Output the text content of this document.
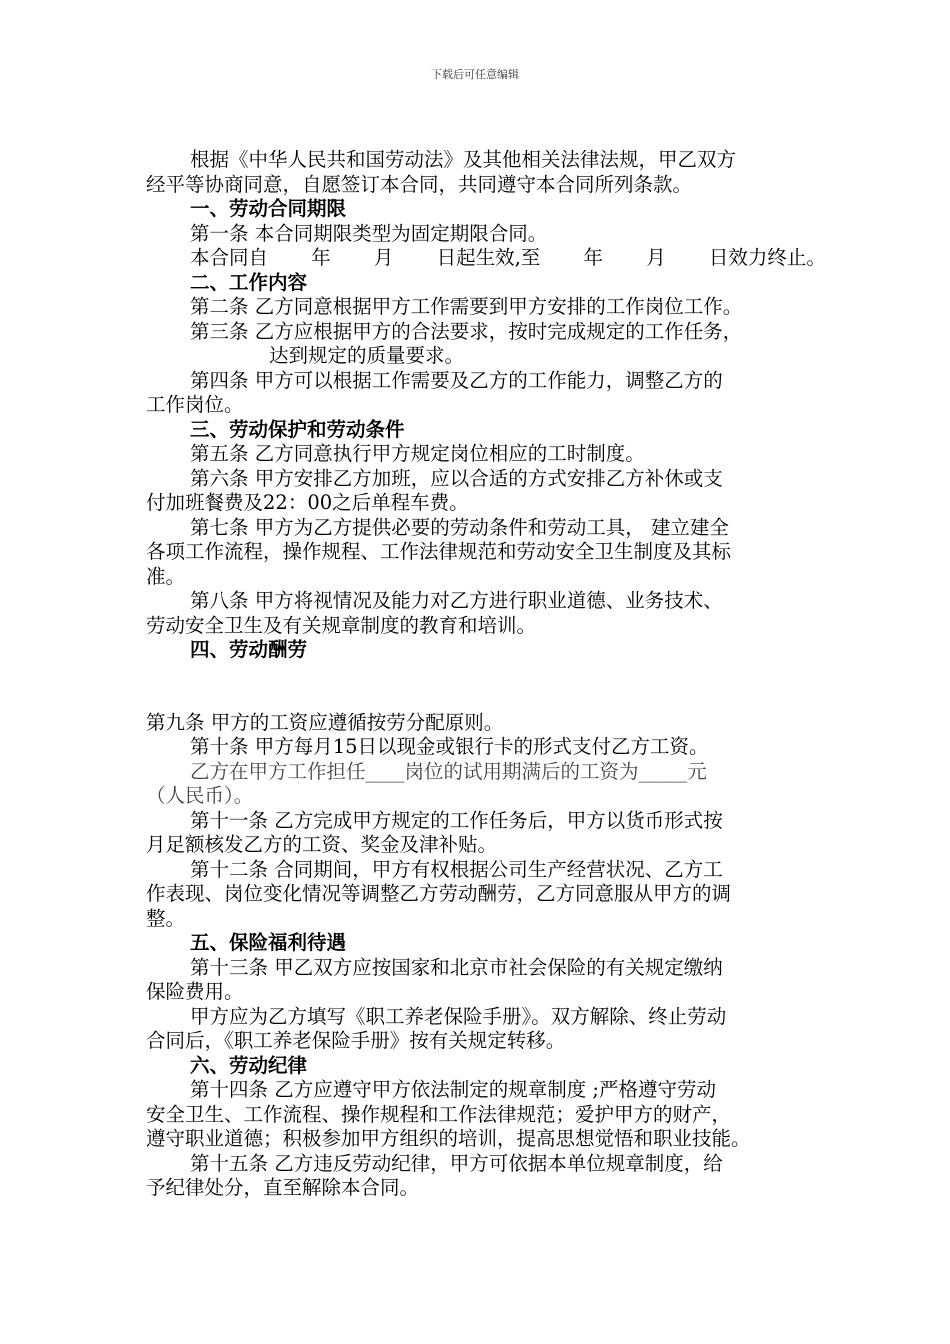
下载后可任意编辑

根据《中华人民共和国劳动法》及其他相关法律法规，甲乙双方

经平等协商同意，自愿签订本合同，共同遵守本合同所列条款。

一、劳动合同期限

第一条 本合同期限类型为固定期限合同。

本合同自 年 月 日起生效,至 年 月 日效力终止。

二、工作内容

第二条 乙方同意根据甲方工作需要到甲方安排的工作岗位工作。

第三条 乙方应根据甲方的合法要求，按时完成规定的工作任务，

达到规定的质量要求。

第四条 甲方可以根据工作需要及乙方的工作能力，调整乙方的

工作岗位。

三、劳动保护和劳动条件

第五条 乙方同意执行甲方规定岗位相应的工时制度。

第六条 甲方安排乙方加班，应以合适的方式安排乙方补休或支

付加班餐费及22：00之后单程车费。

第七条 甲方为乙方提供必要的劳动条件和劳动工具， 建立建全

各项工作流程，操作规程、工作法律规范和劳动安全卫生制度及其标

准。

第八条 甲方将视情况及能力对乙方进行职业道德、业务技术、

劳动安全卫生及有关规章制度的教育和培训。

四、劳动酬劳

第九条 甲方的工资应遵循按劳分配原则。

第十条 甲方每月15日以现金或银行卡的形式支付乙方工资。

乙方在甲方工作担任____岗位的试用期满后的工资为_____元

（人民币）。

第十一条 乙方完成甲方规定的工作任务后，甲方以货币形式按

月足额核发乙方的工资、奖金及津补贴。

第十二条 合同期间，甲方有权根据公司生产经营状况、乙方工

作表现、岗位变化情况等调整乙方劳动酬劳，乙方同意服从甲方的调

整。

五、保险福利待遇

第十三条 甲乙双方应按国家和北京市社会保险的有关规定缴纳

保险费用。

甲方应为乙方填写《职工养老保险手册》。双方解除、终止劳动

合同后，《职工养老保险手册》按有关规定转移。

六、劳动纪律

第十四条 乙方应遵守甲方依法制定的规章制度 ;严格遵守劳动

安全卫生、工作流程、操作规程和工作法律规范；爱护甲方的财产，

遵守职业道德；积极参加甲方组织的培训，提高思想觉悟和职业技能。

第十五条 乙方违反劳动纪律，甲方可依据本单位规章制度，给

予纪律处分，直至解除本合同。
